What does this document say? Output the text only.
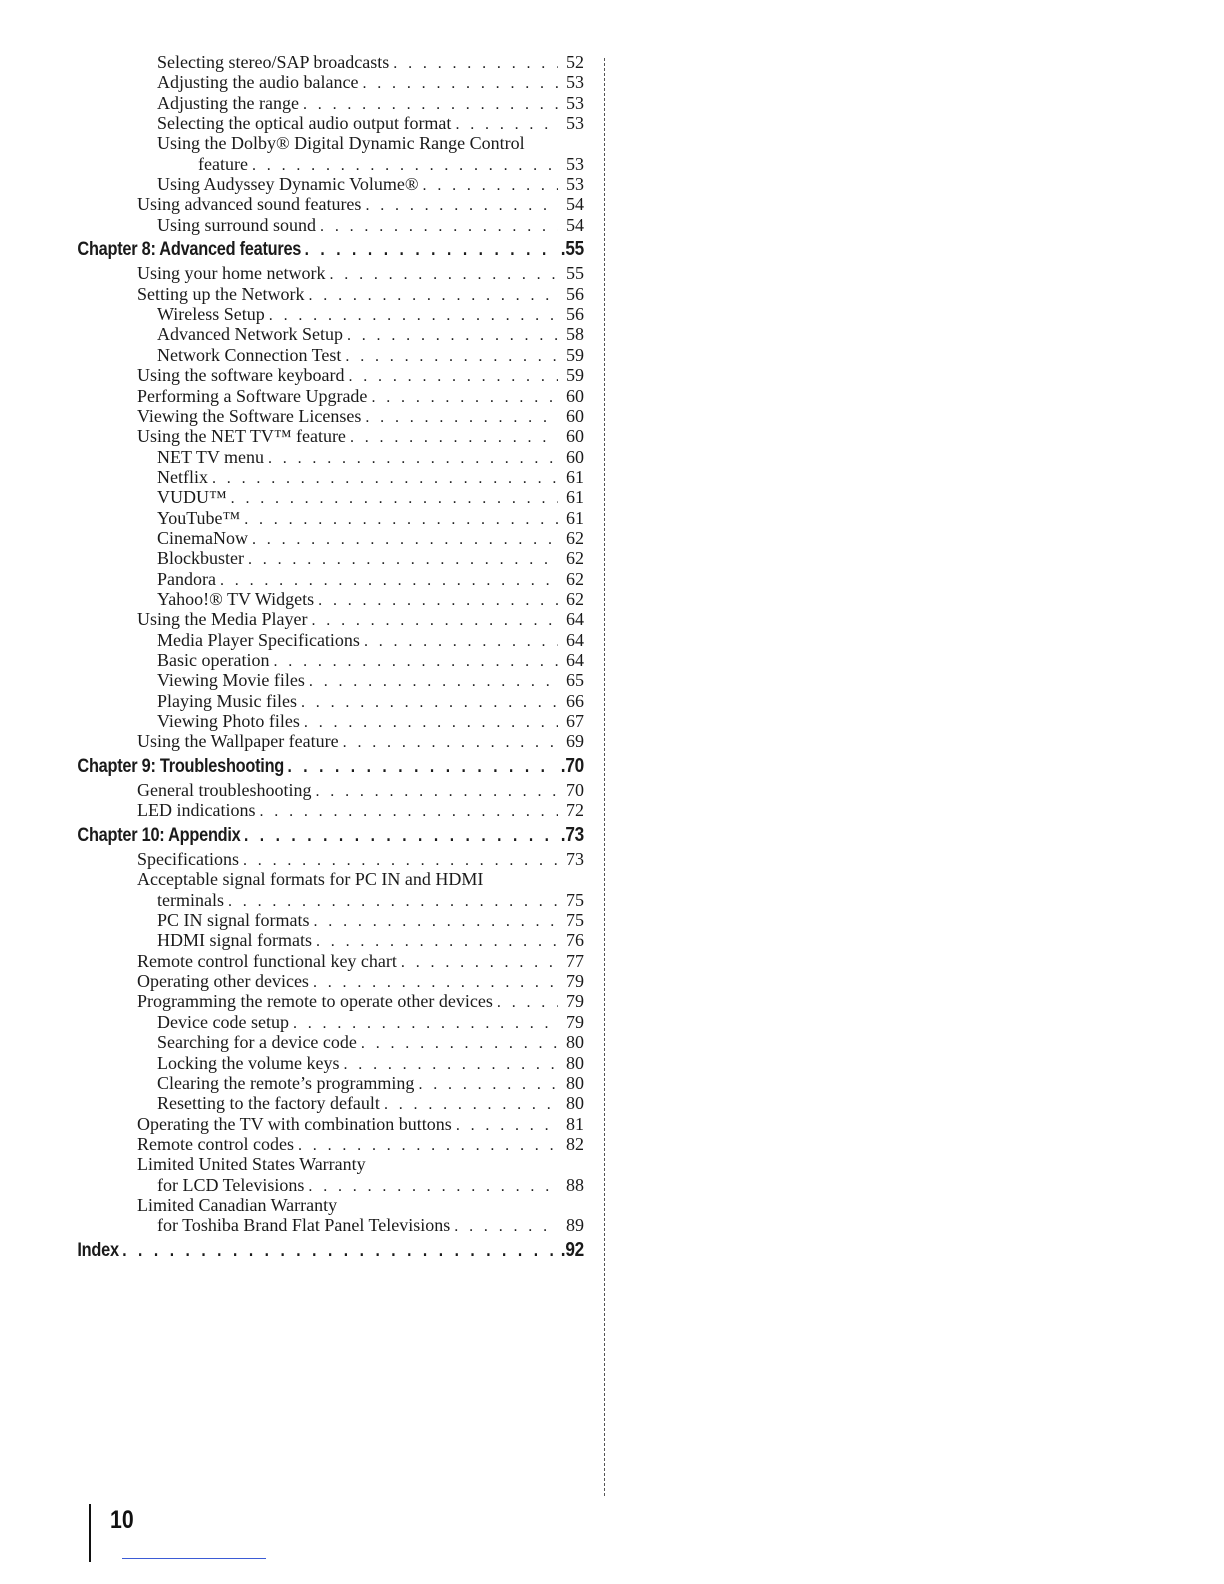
Selecting stereo/SAP broadcasts . . .	52
Adjusting the audio balance . . .	53
Adjusting the range . . .	53
Selecting the optical audio output format . . .	53
Using the Dolby® Digital Dynamic Range Control
feature . . .	53
Using Audyssey Dynamic Volume® . . .	53
Using advanced sound features . . .	54
Using surround sound . . .	54
Chapter 8: Advanced features . . .	.55
Using your home network . . .	55
Setting up the Network . . .	56
Wireless Setup . . .	56
Advanced Network Setup . . .	58
Network Connection Test . . .	59
Using the software keyboard . . .	59
Performing a Software Upgrade . . .	60
Viewing the Software Licenses . . .	60
Using the NET TV™ feature . . .	60
NET TV menu . . .	60
Netflix . . .	61
VUDU™ . . .	61
YouTube™ . . .	61
CinemaNow . . .	62
Blockbuster . . .	62
Pandora . . .	62
Yahoo!® TV Widgets . . .	62
Using the Media Player . . .	64
Media Player Specifications . . .	64
Basic operation . . .	64
Viewing Movie files . . .	65
Playing Music files . . .	66
Viewing Photo files . . .	67
Using the Wallpaper feature . . .	69
Chapter 9: Troubleshooting . . .	.70
General troubleshooting . . .	70
LED indications . . .	72
Chapter 10: Appendix . . .	.73
Specifications . . .	73
Acceptable signal formats for PC IN and HDMI
terminals . . .	75
PC IN signal formats . . .	75
HDMI signal formats . . .	76
Remote control functional key chart . . .	77
Operating other devices . . .	79
Programming the remote to operate other devices . . .	79
Device code setup . . .	79
Searching for a device code . . .	80
Locking the volume keys . . .	80
Clearing the remote’s programming . . .	80
Resetting to the factory default . . .	80
Operating the TV with combination buttons . . .	81
Remote control codes . . .	82
Limited United States Warranty
for LCD Televisions . . .	88
Limited Canadian Warranty
for Toshiba Brand Flat Panel Televisions . . .	89
Index . . .	.92
10
